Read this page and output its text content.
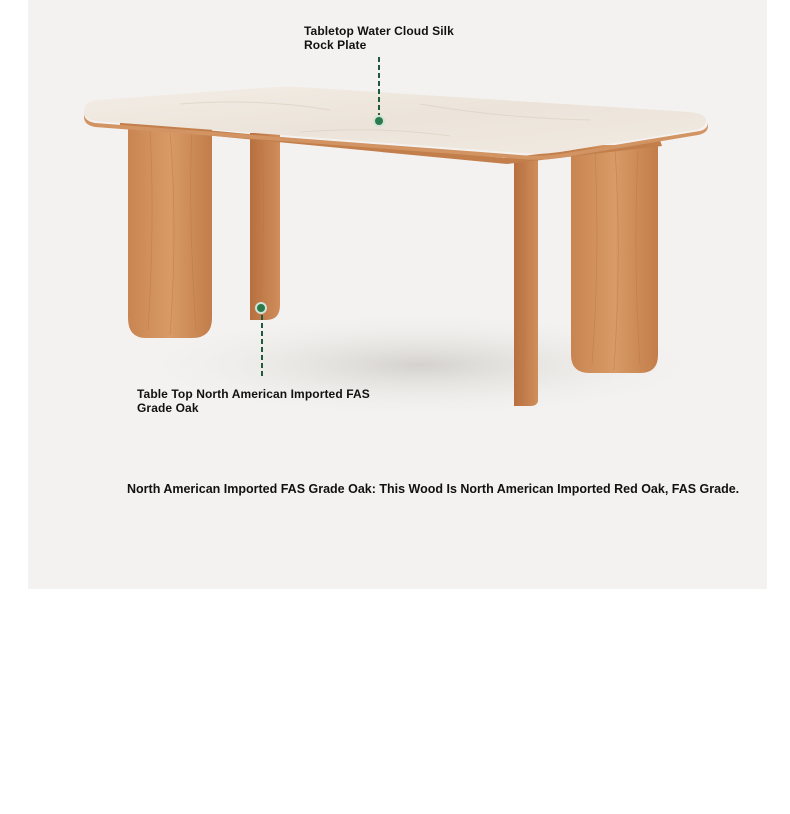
Tabletop Water Cloud Silk Rock Plate
Table Top North American Imported FAS Grade Oak
North American Imported FAS Grade Oak: This Wood Is North American Imported Red Oak, FAS Grade.
